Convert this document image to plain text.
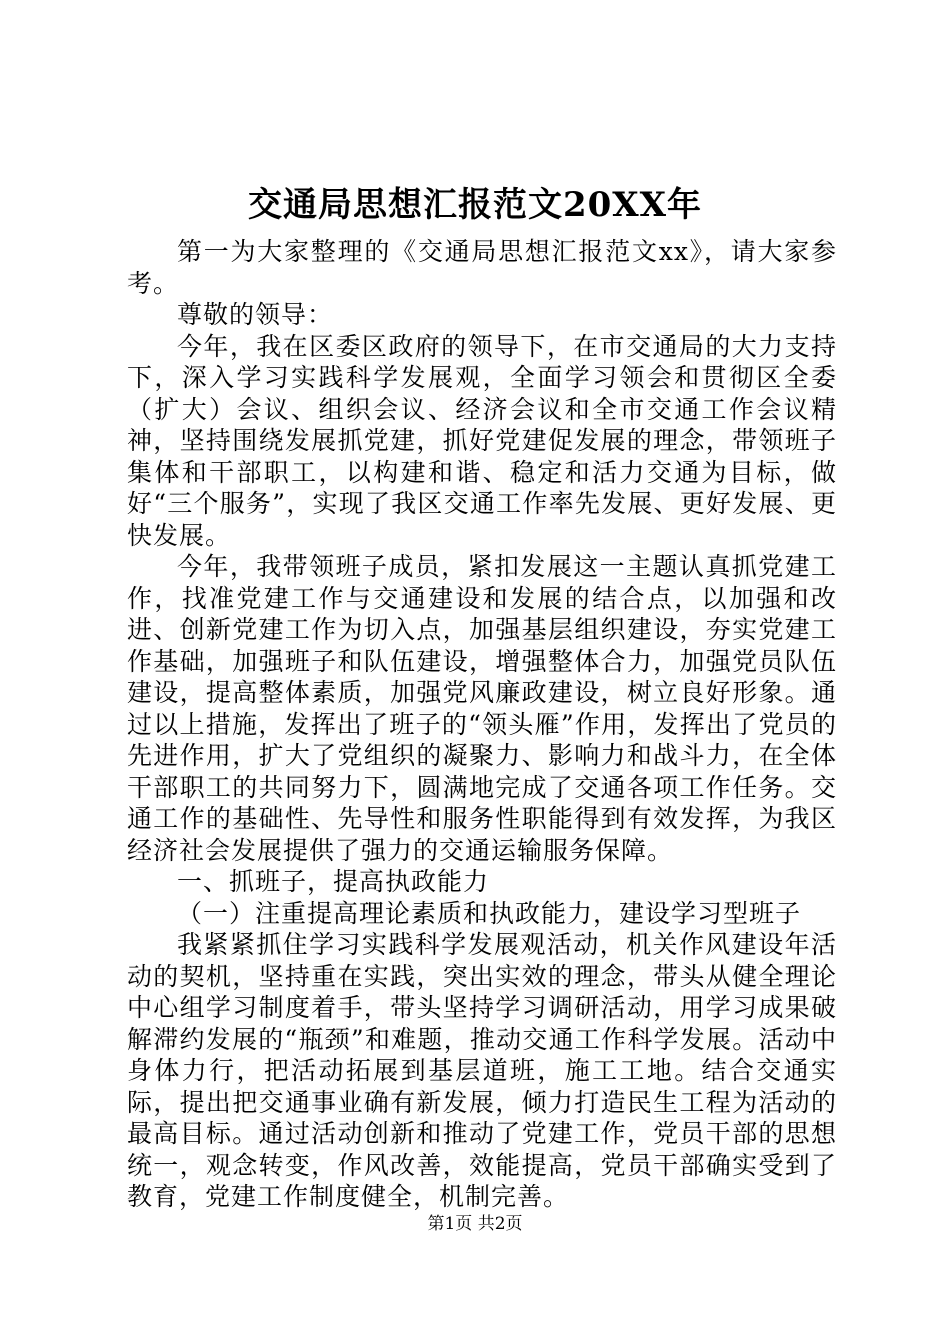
交通局思想汇报范文20XX年

第一为大家整理的《交通局思想汇报范文xx》，请大家参考。

尊敬的领导：

今年，我在区委区政府的领导下，在市交通局的大力支持下，深入学习实践科学发展观，全面学习领会和贯彻区全委（扩大）会议、组织会议、经济会议和全市交通工作会议精神，坚持围绕发展抓党建，抓好党建促发展的理念，带领班子集体和干部职工，以构建和谐、稳定和活力交通为目标，做好“三个服务”，实现了我区交通工作率先发展、更好发展、更快发展。

今年，我带领班子成员，紧扣发展这一主题认真抓党建工作，找准党建工作与交通建设和发展的结合点，以加强和改进、创新党建工作为切入点，加强基层组织建设，夯实党建工作基础，加强班子和队伍建设，增强整体合力，加强党员队伍建设，提高整体素质，加强党风廉政建设，树立良好形象。通过以上措施，发挥出了班子的“领头雁”作用，发挥出了党员的先进作用，扩大了党组织的凝聚力、影响力和战斗力，在全体干部职工的共同努力下，圆满地完成了交通各项工作任务。交通工作的基础性、先导性和服务性职能得到有效发挥，为我区经济社会发展提供了强力的交通运输服务保障。

一、抓班子，提高执政能力

（一）注重提高理论素质和执政能力，建设学习型班子

我紧紧抓住学习实践科学发展观活动，机关作风建设年活动的契机，坚持重在实践，突出实效的理念，带头从健全理论中心组学习制度着手，带头坚持学习调研活动，用学习成果破解滞约发展的“瓶颈”和难题，推动交通工作科学发展。活动中身体力行，把活动拓展到基层道班，施工工地。结合交通实际，提出把交通事业确有新发展，倾力打造民生工程为活动的最高目标。通过活动创新和推动了党建工作，党员干部的思想统一，观念转变，作风改善，效能提高，党员干部确实受到了教育，党建工作制度健全，机制完善。

第1页 共2页
